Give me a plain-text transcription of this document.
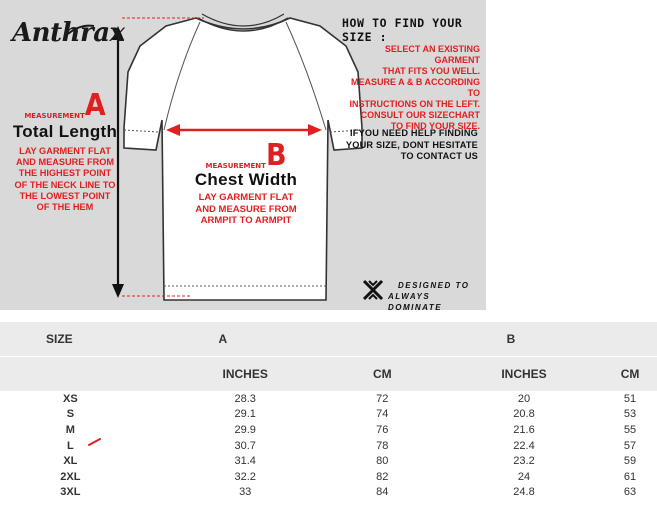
Anthrax
MEASUREMENTA
Total Length
LAY GARMENT FLAT
AND MEASURE FROM
THE HIGHEST POINT
OF THE NECK LINE TO
THE LOWEST POINT
OF THE HEM
MEASUREMENTB
Chest Width
LAY GARMENT FLAT
AND MEASURE FROM
ARMPIT TO ARMPIT
HOW TO FIND YOUR SIZE :
SELECT AN EXISTING GARMENT
THAT FITS YOU WELL.
MEASURE A & B ACCORDING TO
INSTRUCTIONS ON THE LEFT.
CONSULT OUR SIZECHART
TO FIND YOUR SIZE.
IFYOU NEED HELP FINDING
YOUR SIZE, DONT HESITATE
TO CONTACT US
DESIGNED TO
ALWAYS DOMINATE
SIZE	A		B	
	INCHES	CM	INCHES	CM
XS	28.3	72	20	51
S	29.1	74	20.8	53
M	29.9	76	21.6	55
L	30.7	78	22.4	57
XL	31.4	80	23.2	59
2XL	32.2	82	24	61
3XL	33	84	24.8	63
